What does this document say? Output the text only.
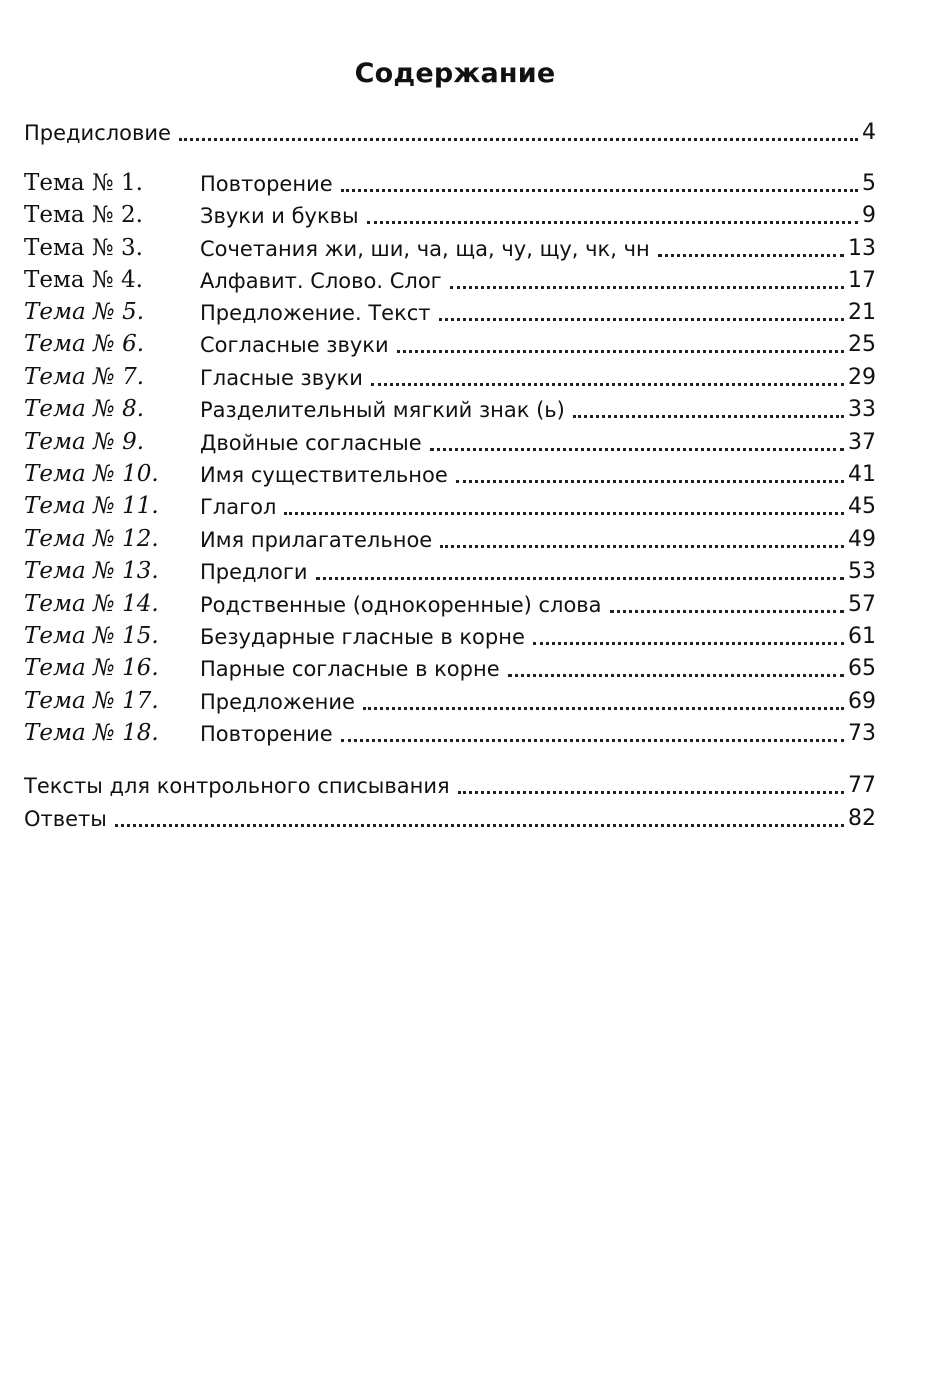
Содержание
Предисловие	4
Тема № 1.	Повторение	5
Тема № 2.	Звуки и буквы	9
Тема № 3.	Сочетания жи, ши, ча, ща, чу, щу, чк, чн	13
Тема № 4.	Алфавит. Слово. Слог	17
Тема № 5.	Предложение. Текст	21
Тема № 6.	Согласные звуки	25
Тема № 7.	Гласные звуки	29
Тема № 8.	Разделительный мягкий знак (ь)	33
Тема № 9.	Двойные согласные	37
Тема № 10.	Имя существительное	41
Тема № 11.	Глагол	45
Тема № 12.	Имя прилагательное	49
Тема № 13.	Предлоги	53
Тема № 14.	Родственные (однокоренные) слова	57
Тема № 15.	Безударные гласные в корне	61
Тема № 16.	Парные согласные в корне	65
Тема № 17.	Предложение	69
Тема № 18.	Повторение	73
Тексты для контрольного списывания	77
Ответы	82
